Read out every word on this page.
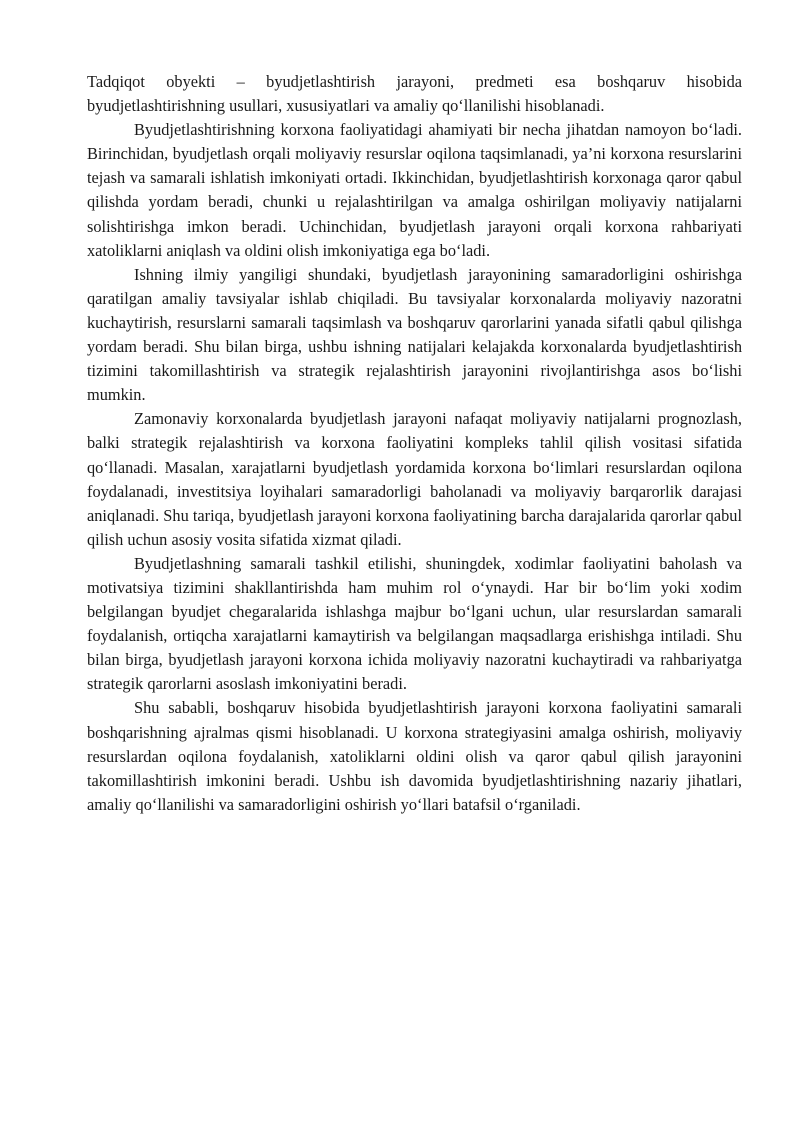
Tadqiqot obyekti – byudjetlashtirish jarayoni, predmeti esa boshqaruv hisobida byudjetlashtirishning usullari, xususiyatlari va amaliy qo‘llanilishi hisoblanadi.

Byudjetlashtirishning korxona faoliyatidagi ahamiyati bir necha jihatdan namoyon bo‘ladi. Birinchidan, byudjetlash orqali moliyaviy resurslar oqilona taqsimlanadi, ya’ni korxona resurslarini tejash va samarali ishlatish imkoniyati ortadi. Ikkinchidan, byudjetlashtirish korxonaga qaror qabul qilishda yordam beradi, chunki u rejalashtirilgan va amalga oshirilgan moliyaviy natijalarni solishtirishga imkon beradi. Uchinchidan, byudjetlash jarayoni orqali korxona rahbariyati xatoliklarni aniqlash va oldini olish imkoniyatiga ega bo‘ladi.

Ishning ilmiy yangiligi shundaki, byudjetlash jarayonining samaradorligini oshirishga qaratilgan amaliy tavsiyalar ishlab chiqiladi. Bu tavsiyalar korxonalarda moliyaviy nazoratni kuchaytirish, resurslarni samarali taqsimlash va boshqaruv qarorlarini yanada sifatli qabul qilishga yordam beradi. Shu bilan birga, ushbu ishning natijalari kelajakda korxonalarda byudjetlashtirish tizimini takomillashtirish va strategik rejalashtirish jarayonini rivojlantirishga asos bo‘lishi mumkin.

Zamonaviy korxonalarda byudjetlash jarayoni nafaqat moliyaviy natijalarni prognozlash, balki strategik rejalashtirish va korxona faoliyatini kompleks tahlil qilish vositasi sifatida qo‘llanadi. Masalan, xarajatlarni byudjetlash yordamida korxona bo‘limlari resurslardan oqilona foydalanadi, investitsiya loyihalari samaradorligi baholanadi va moliyaviy barqarorlik darajasi aniqlanadi. Shu tariqa, byudjetlash jarayoni korxona faoliyatining barcha darajalarida qarorlar qabul qilish uchun asosiy vosita sifatida xizmat qiladi.

Byudjetlashning samarali tashkil etilishi, shuningdek, xodimlar faoliyatini baholash va motivatsiya tizimini shakllantirishda ham muhim rol o‘ynaydi. Har bir bo‘lim yoki xodim belgilangan byudjet chegaralarida ishlashga majbur bo‘lgani uchun, ular resurslardan samarali foydalanish, ortiqcha xarajatlarni kamaytirish va belgilangan maqsadlarga erishishga intiladi. Shu bilan birga, byudjetlash jarayoni korxona ichida moliyaviy nazoratni kuchaytiradi va rahbariyatga strategik qarorlarni asoslash imkoniyatini beradi.

Shu sababli, boshqaruv hisobida byudjetlashtirish jarayoni korxona faoliyatini samarali boshqarishning ajralmas qismi hisoblanadi. U korxona strategiyasini amalga oshirish, moliyaviy resurslardan oqilona foydalanish, xatoliklarni oldini olish va qaror qabul qilish jarayonini takomillashtirish imkonini beradi. Ushbu ish davomida byudjetlashtirishning nazariy jihatlari, amaliy qo‘llanilishi va samaradorligini oshirish yo‘llari batafsil o‘rganiladi.
